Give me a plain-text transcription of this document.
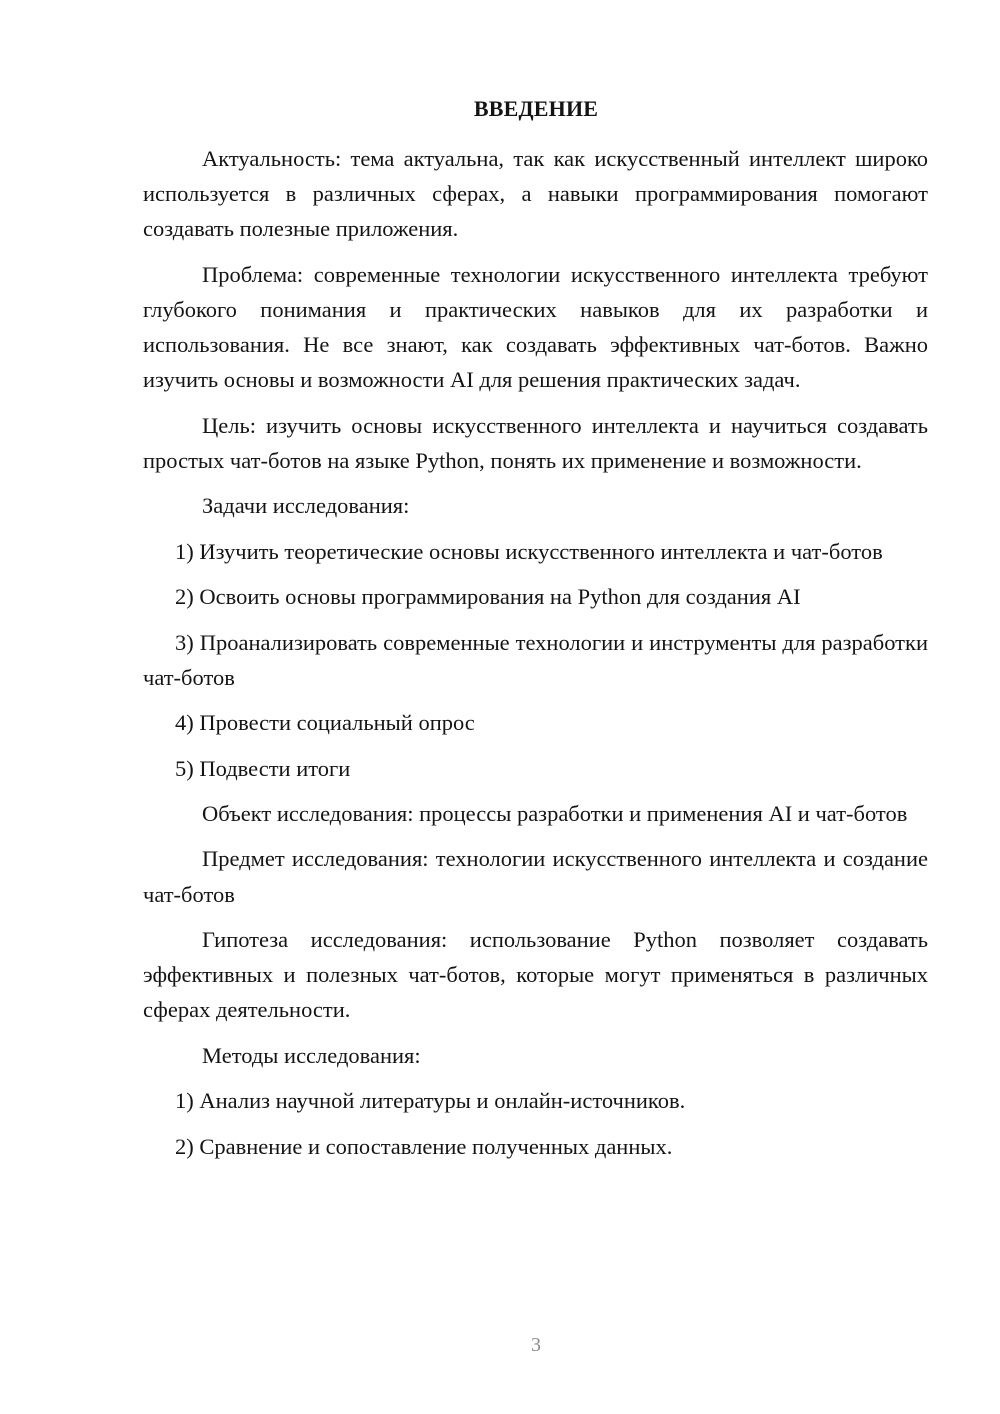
ВВЕДЕНИЕ

Актуальность: тема актуальна, так как искусственный интеллект широко используется в различных сферах, а навыки программирования помогают создавать полезные приложения.

Проблема: современные технологии искусственного интеллекта требуют глубокого понимания и практических навыков для их разработки и использования. Не все знают, как создавать эффективных чат-ботов. Важно изучить основы и возможности AI для решения практических задач.

Цель: изучить основы искусственного интеллекта и научиться создавать простых чат-ботов на языке Python, понять их применение и возможности.

Задачи исследования:

1) Изучить теоретические основы искусственного интеллекта и чат-ботов

2) Освоить основы программирования на Python для создания AI

3) Проанализировать современные технологии и инструменты для разработки чат-ботов

4) Провести социальный опрос

5) Подвести итоги

Объект исследования: процессы разработки и применения AI и чат-ботов

Предмет исследования: технологии искусственного интеллекта и создание чат-ботов

Гипотеза исследования: использование Python позволяет создавать эффективных и полезных чат-ботов, которые могут применяться в различных сферах деятельности.

Методы исследования:

1) Анализ научной литературы и онлайн-источников.

2) Сравнение и сопоставление полученных данных.

3
